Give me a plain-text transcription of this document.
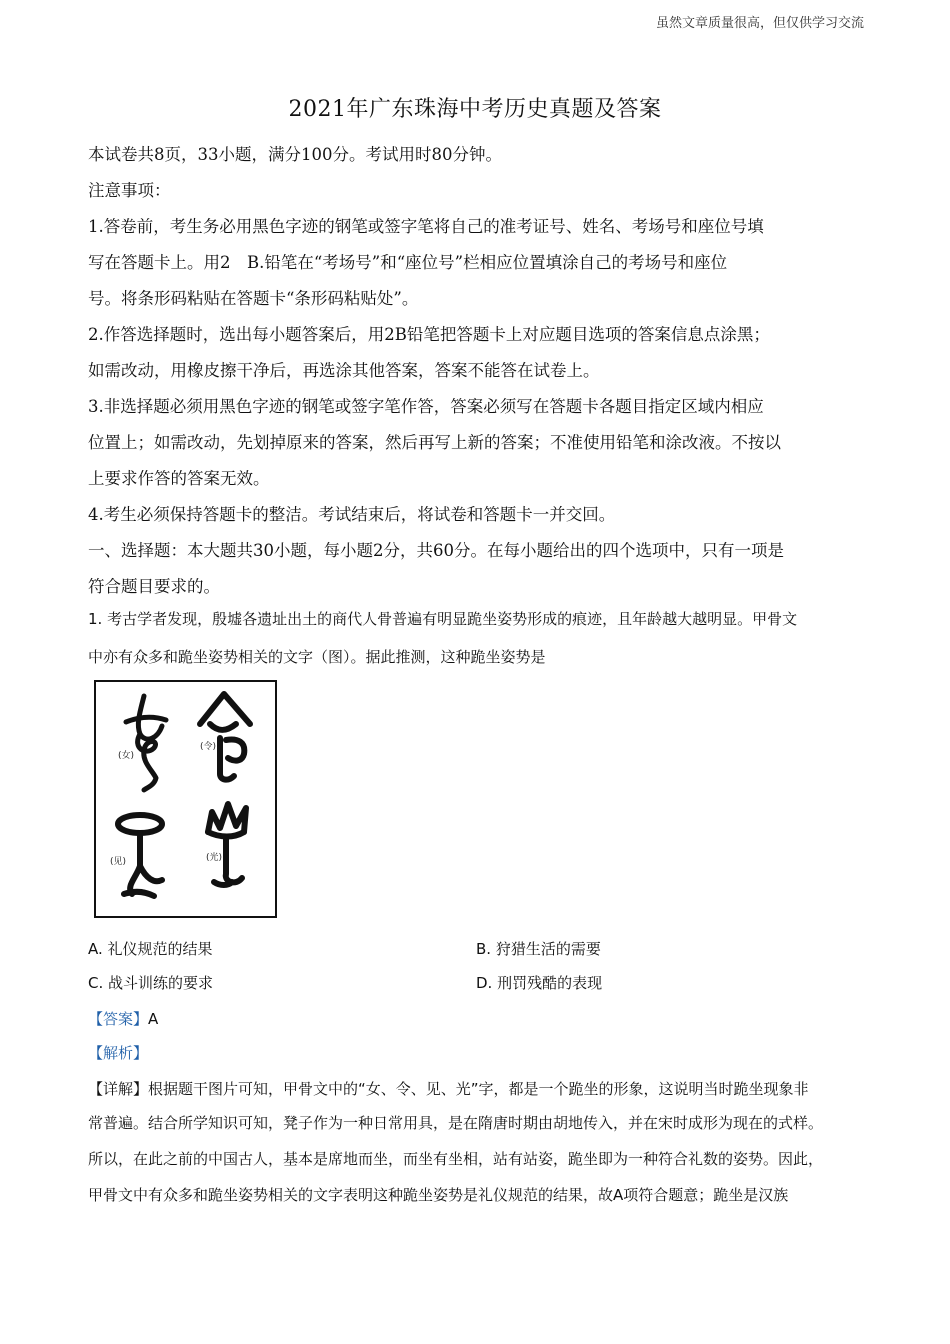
虽然文章质量很高，但仅供学习交流
2021年广东珠海中考历史真题及答案
本试卷共8页，33小题，满分100分。考试用时80分钟。
注意事项：
1.答卷前，考生务必用黑色字迹的钢笔或签字笔将自己的准考证号、姓名、考场号和座位号填
写在答题卡上。用2　B.铅笔在“考场号”和“座位号”栏相应位置填涂自己的考场号和座位
号。将条形码粘贴在答题卡“条形码粘贴处”。
2.作答选择题时，选出每小题答案后，用2B铅笔把答题卡上对应题目选项的答案信息点涂黑；
如需改动，用橡皮擦干净后，再选涂其他答案，答案不能答在试卷上。
3.非选择题必须用黑色字迹的钢笔或签字笔作答，答案必须写在答题卡各题目指定区域内相应
位置上；如需改动，先划掉原来的答案，然后再写上新的答案；不准使用铅笔和涂改液。不按以
上要求作答的答案无效。
4.考生必须保持答题卡的整洁。考试结束后，将试卷和答题卡一并交回。
一、选择题：本大题共30小题，每小题2分，共60分。在每小题给出的四个选项中，只有一项是
符合题目要求的。
1. 考古学者发现，殷墟各遗址出土的商代人骨普遍有明显跪坐姿势形成的痕迹，且年龄越大越明显。甲骨文
中亦有众多和跪坐姿势相关的文字（图）。据此推测，这种跪坐姿势是
(女)
(令)
(见)	(光)
A. 礼仪规范的结果	B. 狩猎生活的需要
C. 战斗训练的要求	D. 刑罚残酷的表现
【答案】A
【解析】
【详解】根据题干图片可知，甲骨文中的“女、令、见、光”字，都是一个跪坐的形象，这说明当时跪坐现象非
常普遍。结合所学知识可知，凳子作为一种日常用具，是在隋唐时期由胡地传入，并在宋时成形为现在的式样。
所以，在此之前的中国古人，基本是席地而坐，而坐有坐相，站有站姿，跪坐即为一种符合礼数的姿势。因此，
甲骨文中有众多和跪坐姿势相关的文字表明这种跪坐姿势是礼仪规范的结果，故A项符合题意；跪坐是汉族
